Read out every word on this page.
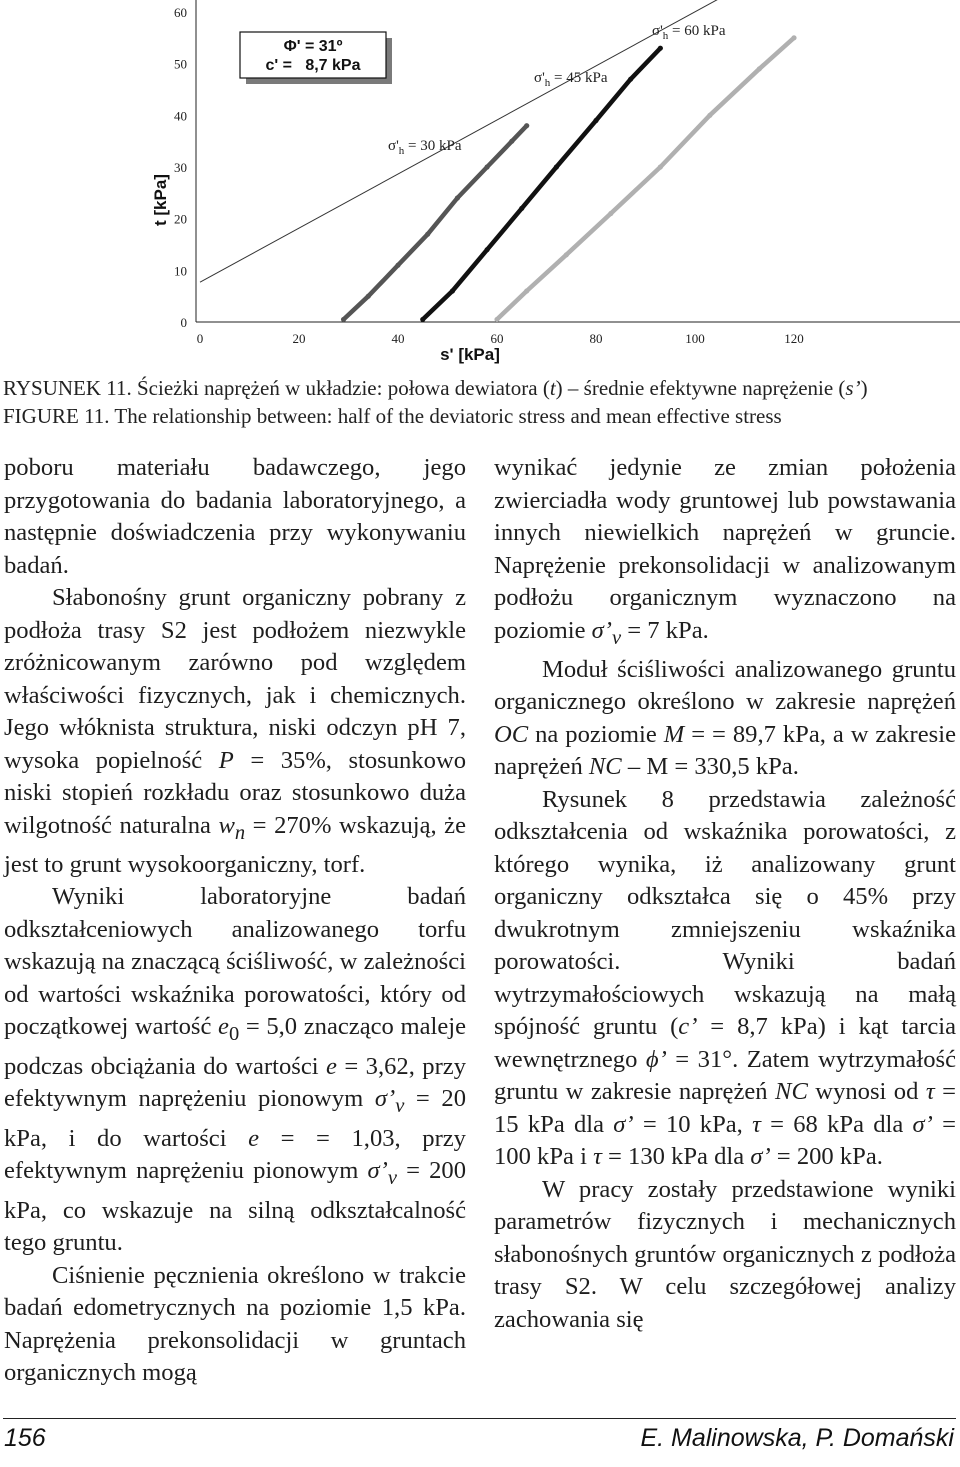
0
10
20
30
40
50
60
0	20	40	60	80	100	120
t [kPa]
s' [kPa]
Φ' = 31º
c' =   8,7 kPa
$\sigma'_h = 30$ kPa
$\sigma'_h = 45$ kPa
$\sigma'_h = 60$ kPa
RYSUNEK 11. Ścieżki naprężeń w układzie: połowa dewiatora (t) – średnie efektywne naprężenie (s’)
FIGURE 11. The relationship between: half of the deviatoric stress and mean effective stress

poboru materiału badawczego, jego przygotowania do badania laboratoryjnego, a następnie doświadczenia przy wykonywaniu badań.

Słabonośny grunt organiczny pobrany z podłoża trasy S2 jest podłożem niezwykle zróżnicowanym zarówno pod względem właściwości fizycznych, jak i chemicznych. Jego włóknista struktura, niski odczyn pH 7, wysoka popielność P = 35%, stosunkowo niski stopień rozkładu oraz stosunkowo duża wilgotność naturalna $w_n = 270\%$ wskazują, że jest to grunt wysokoorganiczny, torf.

Wyniki laboratoryjne badań odkształceniowych analizowanego torfu wskazują na znaczącą ściśliwość, w zależności od wartości wskaźnika porowatości, który od początkowej wartość $e_0 = 5,0$ znacząco maleje podczas obciążania do wartości e = 3,62, przy efektywnym naprężeniu pionowym $\sigma’_v = 20$ kPa, i do wartości e = = 1,03, przy efektywnym naprężeniu pionowym $\sigma’_v = 200$ kPa, co wskazuje na silną odkształcalność tego gruntu.

Ciśnienie pęcznienia określono w trakcie badań edometrycznych na poziomie 1,5 kPa. Naprężenia prekonsolidacji w gruntach organicznych mogą

wynikać jedynie ze zmian położenia zwierciadła wody gruntowej lub powstawania innych niewielkich naprężeń w gruncie. Naprężenie prekonsolidacji w analizowanym podłożu organicznym wyznaczono na poziomie $\sigma’_v = 7$ kPa.

Moduł ściśliwości analizowanego gruntu organicznego określono w zakresie naprężeń OC na poziomie M = = 89,7 kPa, a w zakresie naprężeń NC – M = 330,5 kPa.

Rysunek 8 przedstawia zależność odkształcenia od wskaźnika porowatości, z którego wynika, iż analizowany grunt organiczny odkształca się o 45% przy dwukrotnym zmniejszeniu wskaźnika porowatości. Wyniki badań wytrzymałościowych wskazują na małą spójność gruntu (c’ = 8,7 kPa) i kąt tarcia wewnętrznego ϕ’ = 31°. Zatem wytrzymałość gruntu w zakresie naprężeń NC wynosi od τ = 15 kPa dla σ’ = 10 kPa, τ = 68 kPa dla σ’ = 100 kPa i τ = 130 kPa dla σ’ = 200 kPa.

W pracy zostały przedstawione wyniki parametrów fizycznych i mechanicznych słabonośnych gruntów organicznych z podłoża trasy S2. W celu szczegółowej analizy zachowania się

156	E. Malinowska, P. Domański
